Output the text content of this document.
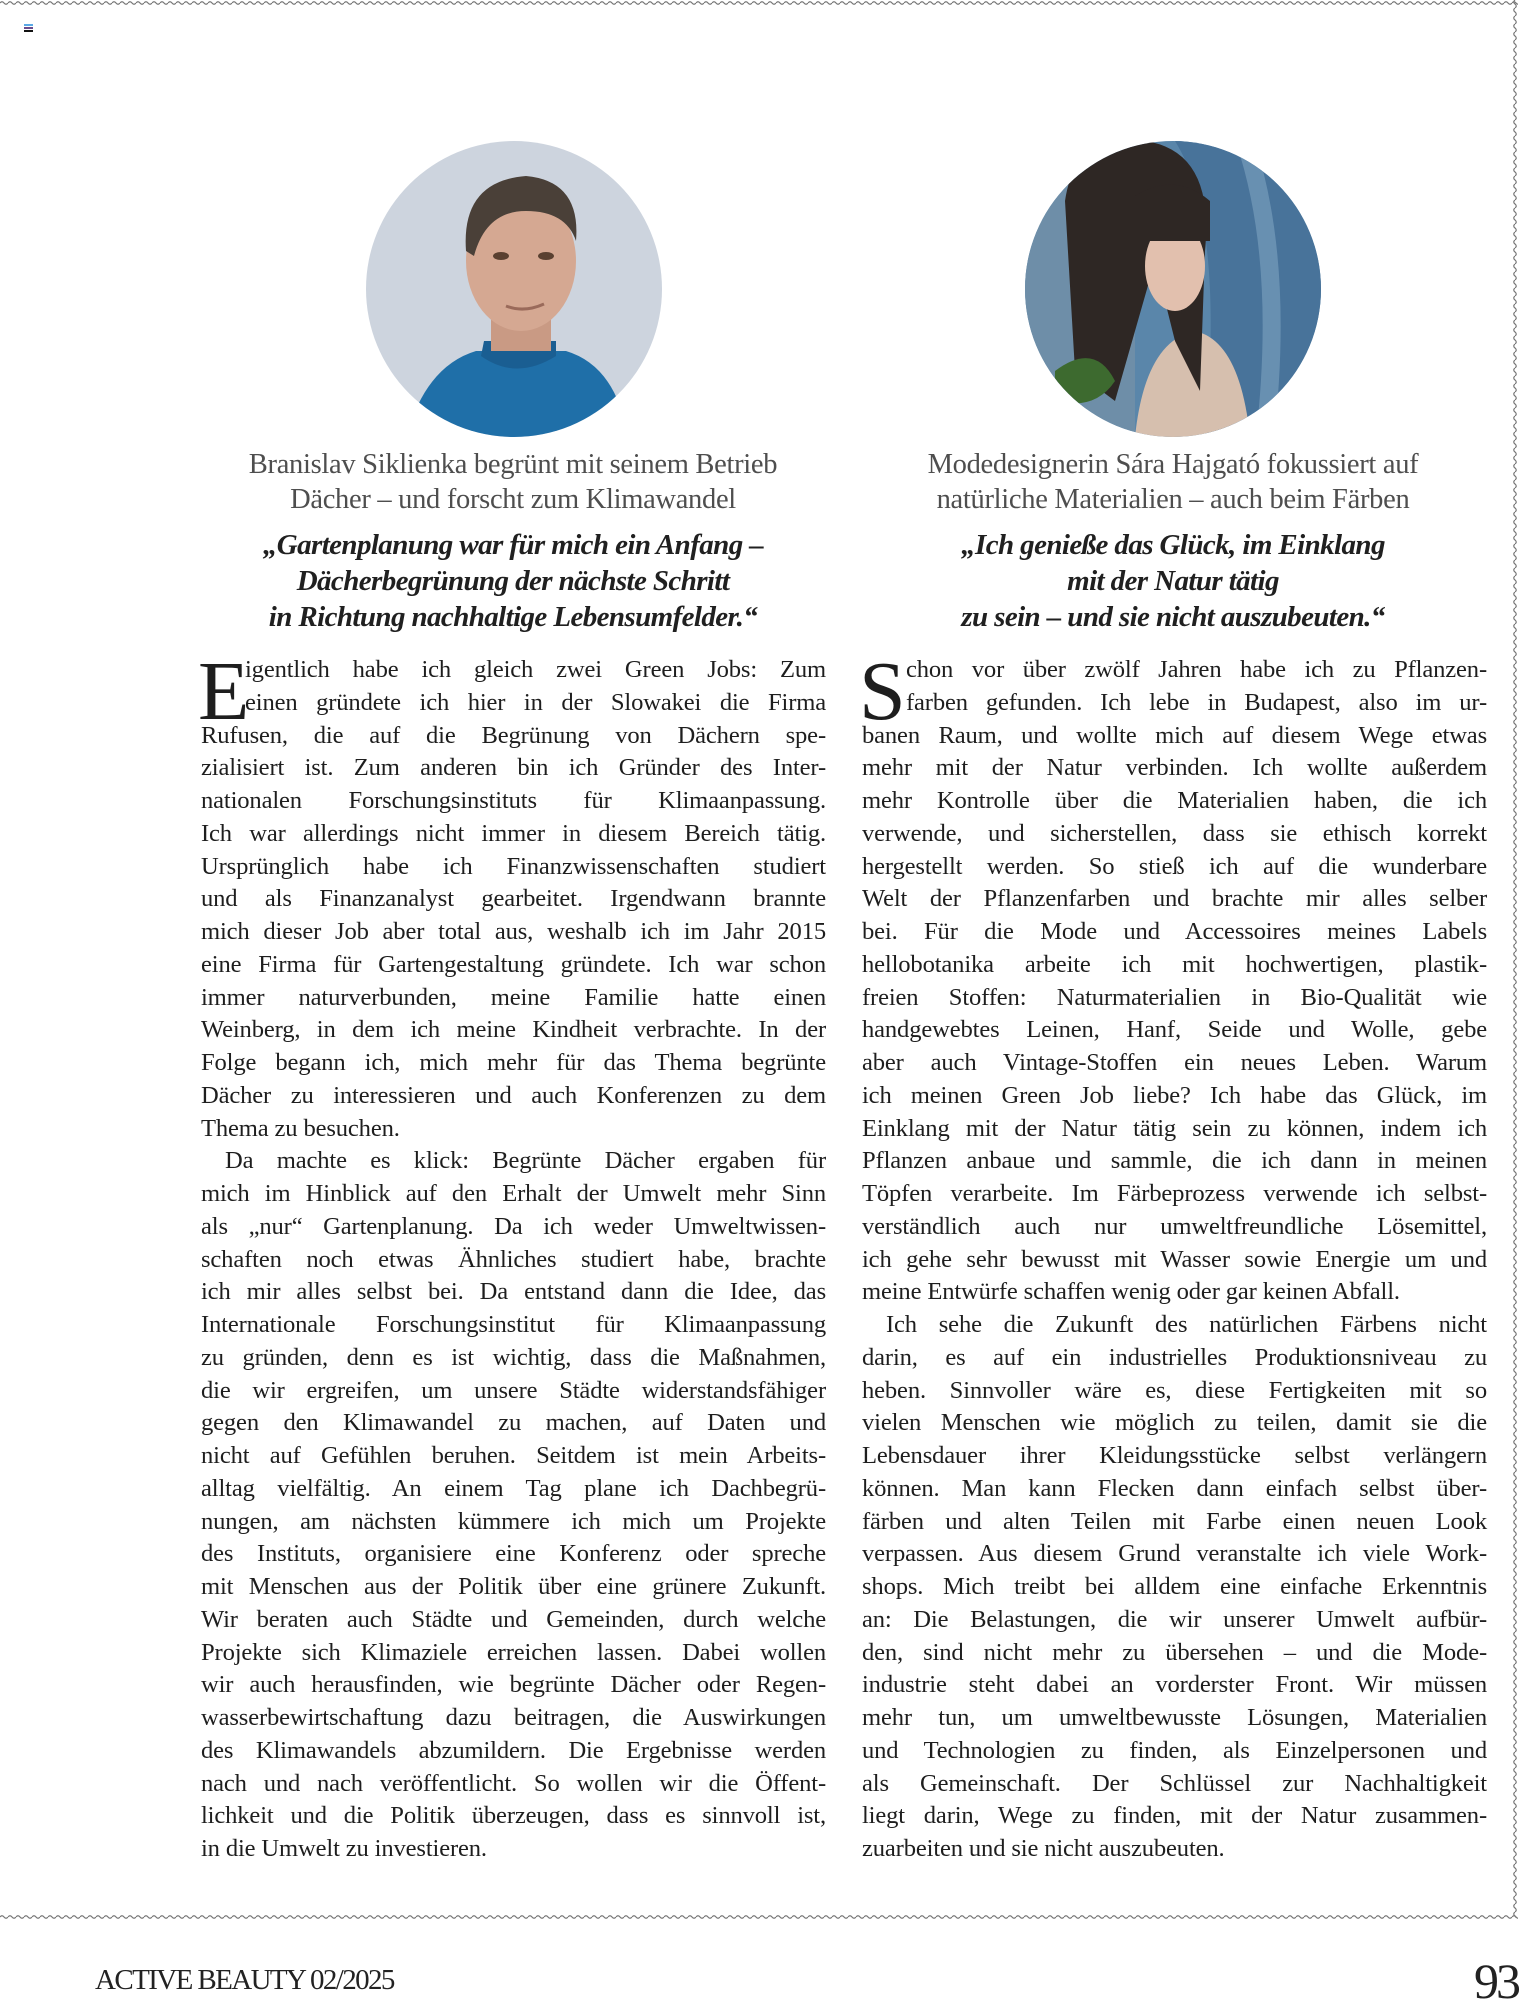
Branislav Siklienka begrünt mit seinem Betrieb
Dächer – und forscht zum Klimawandel
„Gartenplanung war für mich ein Anfang –
Dächerbegrünung der nächste Schritt
in Richtung nachhaltige Lebensumfelder.“
Modedesignerin Sára Hajgató fokussiert auf
natürliche Materialien – auch beim Färben
„Ich genieße das Glück, im Einklang
mit der Natur tätig
zu sein – und sie nicht auszubeuten.“
E
igentlich habe ich gleich zwei Green Jobs: Zum
einen gründete ich hier in der Slowakei die Firma
Rufusen, die auf die Begrünung von Dächern spe-
zialisiert ist. Zum anderen bin ich Gründer des Inter-
nationalen Forschungsinstituts für Klimaanpassung.
Ich war allerdings nicht immer in diesem Bereich tätig.
Ursprünglich habe ich Finanzwissenschaften studiert
und als Finanzanalyst gearbeitet. Irgendwann brannte
mich dieser Job aber total aus, weshalb ich im Jahr 2015
eine Firma für Gartengestaltung gründete. Ich war schon
immer naturverbunden, meine Familie hatte einen
Weinberg, in dem ich meine Kindheit verbrachte. In der
Folge begann ich, mich mehr für das Thema begrünte
Dächer zu interessieren und auch Konferenzen zu dem
Thema zu besuchen.
Da machte es klick: Begrünte Dächer ergaben für
mich im Hinblick auf den Erhalt der Umwelt mehr Sinn
als „nur“ Gartenplanung. Da ich weder Umweltwissen-
schaften noch etwas Ähnliches studiert habe, brachte
ich mir alles selbst bei. Da entstand dann die Idee, das
Internationale Forschungsinstitut für Klimaanpassung
zu gründen, denn es ist wichtig, dass die Maßnahmen,
die wir ergreifen, um unsere Städte widerstandsfähiger
gegen den Klimawandel zu machen, auf Daten und
nicht auf Gefühlen beruhen. Seitdem ist mein Arbeits-
alltag vielfältig. An einem Tag plane ich Dachbegrü-
nungen, am nächsten kümmere ich mich um Projekte
des Instituts, organisiere eine Konferenz oder spreche
mit Menschen aus der Politik über eine grünere Zukunft.
Wir beraten auch Städte und Gemeinden, durch welche
Projekte sich Klimaziele erreichen lassen. Dabei wollen
wir auch herausfinden, wie begrünte Dächer oder Regen-
wasserbewirtschaftung dazu beitragen, die Auswirkungen
des Klimawandels abzumildern. Die Ergebnisse werden
nach und nach veröffentlicht. So wollen wir die Öffent-
lichkeit und die Politik überzeugen, dass es sinnvoll ist,
in die Umwelt zu investieren.
S chon vor über zwölf Jahren habe ich zu Pflanzen-
farben gefunden. Ich lebe in Budapest, also im ur-
banen Raum, und wollte mich auf diesem Wege etwas
mehr mit der Natur verbinden. Ich wollte außerdem
mehr Kontrolle über die Materialien haben, die ich
verwende, und sicherstellen, dass sie ethisch korrekt
hergestellt werden. So stieß ich auf die wunderbare
Welt der Pflanzenfarben und brachte mir alles selber
bei. Für die Mode und Accessoires meines Labels
hellobotanika arbeite ich mit hochwertigen, plastik-
freien Stoffen: Naturmaterialien in Bio-Qualität wie
handgewebtes Leinen, Hanf, Seide und Wolle, gebe
aber auch Vintage-Stoffen ein neues Leben. Warum
ich meinen Green Job liebe? Ich habe das Glück, im
Einklang mit der Natur tätig sein zu können, indem ich
Pflanzen anbaue und sammle, die ich dann in meinen
Töpfen verarbeite. Im Färbeprozess verwende ich selbst-
verständlich auch nur umweltfreundliche Lösemittel,
ich gehe sehr bewusst mit Wasser sowie Energie um und
meine Entwürfe schaffen wenig oder gar keinen Abfall.
Ich sehe die Zukunft des natürlichen Färbens nicht
darin, es auf ein industrielles Produktionsniveau zu
heben. Sinnvoller wäre es, diese Fertigkeiten mit so
vielen Menschen wie möglich zu teilen, damit sie die
Lebensdauer ihrer Kleidungsstücke selbst verlängern
können. Man kann Flecken dann einfach selbst über-
färben und alten Teilen mit Farbe einen neuen Look
verpassen. Aus diesem Grund veranstalte ich viele Work-
shops. Mich treibt bei alldem eine einfache Erkenntnis
an: Die Belastungen, die wir unserer Umwelt aufbür-
den, sind nicht mehr zu übersehen – und die Mode-
industrie steht dabei an vorderster Front. Wir müssen
mehr tun, um umweltbewusste Lösungen, Materialien
und Technologien zu finden, als Einzelpersonen und
als Gemeinschaft. Der Schlüssel zur Nachhaltigkeit
liegt darin, Wege zu finden, mit der Natur zusammen-
zuarbeiten und sie nicht auszubeuten.
ACTIVE BEAUTY 02/2025	93
